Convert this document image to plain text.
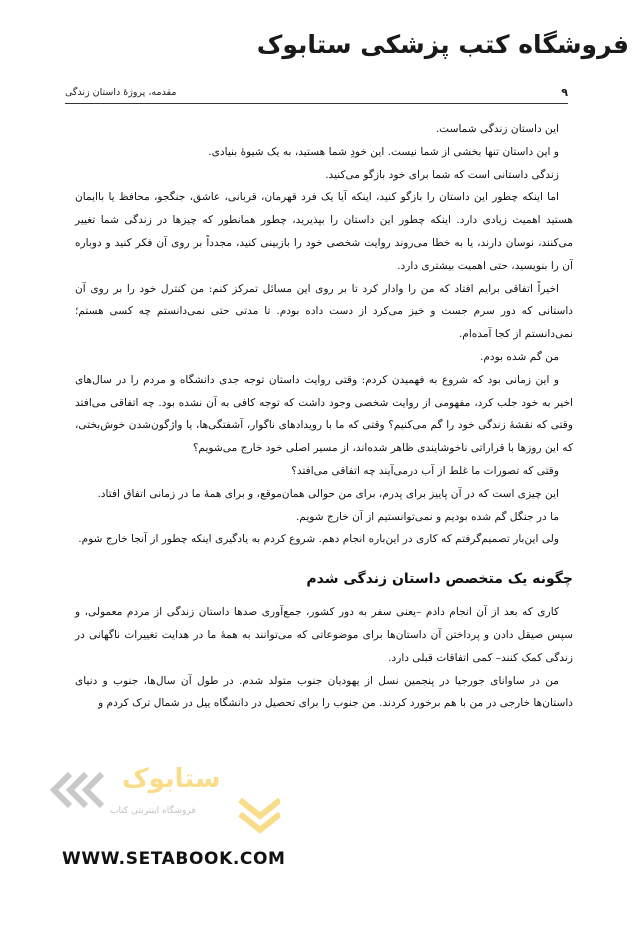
فروشگاه کتب پزشکی ستابوک
۹
مقدمه، پروژهٔ داستان زندگی

این داستان زندگی شماست.

و این داستان تنها بخشی از شما نیست. این خودِ شما هستید، به یک شیوهٔ بنیادی.

زندگی داستانی است که شما برای خود بازگو می‌کنید.

اما اینکه چطور این داستان را بازگو کنید، اینکه آیا یک فرد قهرمان، قربانی، عاشق، جنگجو، محافظ یا باایمان هستید اهمیت زیادی دارد. اینکه چطور این داستان را بپذیرید، چطور همانطور که چیزها در زندگی شما تغییر می‌کنند، نوسان دارند، یا به خطا می‌روند روایت شخصی خود را بازبینی کنید، مجدداً بر روی آن فکر کنید و دوباره آن را بنویسید، حتی اهمیت بیشتری دارد.

اخیراً اتفاقی برایم افتاد که من را وادار کرد تا بر روی این مسائل تمرکز کنم: من کنترل خود را بر روی آن داستانی که دور سرم جست و خیز می‌کرد از دست داده بودم. تا مدتی حتی نمی‌دانستم چه کسی هستم؛ نمی‌دانستم از کجا آمده‌ام.

من گم شده بودم.

و این زمانی بود که شروع به فهمیدن کردم: وقتی روایت داستان توجه جدی دانشگاه و مردم را در سال‌های اخیر به خود جلب کرد، مفهومی از روایت شخصی وجود داشت که توجه کافی به آن نشده بود. چه اتفاقی می‌افتد وقتی که نقشهٔ زندگی خود را گم می‌کنیم؟ وقتی که ما با رویدادهای ناگوار، آشفتگی‌ها، یا واژگون‌شدن خوش‌بختی، که این روزها با قراراتی ناخوشایندی ظاهر شده‌اند، از مسیر اصلی خود خارج می‌شویم؟

وقتی که تصورات ما غلط از آب درمی‌آیند چه اتفاقی می‌افتد؟

این چیزی است که در آن پاییز برای پدرم، برای من حوالی همان‌موقع، و برای همهٔ ما در زمانی اتفاق افتاد.

ما در جنگل گم شده بودیم و نمی‌توانستیم از آن خارج شویم.

ولی این‌بار تصمیم‌گرفتم که کاری در این‌باره انجام دهم. شروع کردم به یادگیری اینکه چطور از آنجا خارج شوم.

چگونه یک متخصص داستان زندگی شدم

کاری که بعد از آن انجام دادم –یعنی سفر به دور کشور، جمع‌آوری صدها داستان زندگی از مردم معمولی، و سپس صیقل دادن و پرداختن آن داستان‌ها برای موضوعاتی که می‌توانند به همهٔ ما در هدایت تغییرات ناگهانی در زندگی کمک کنند– کمی اتفاقات قبلی دارد.

من در ساوانای جورجیا در پنجمین نسل از یهودیان جنوب متولد شدم. در طول آن سال‌ها، جنوب و دنیای داستان‌ها خارجی در من با هم برخورد کردند. من جنوب را برای تحصیل در دانشگاه ییل در شمال ترک کردم و

ستابوک
فروشگاه اینترنتی کتاب
WWW.SETABOOK.COM
